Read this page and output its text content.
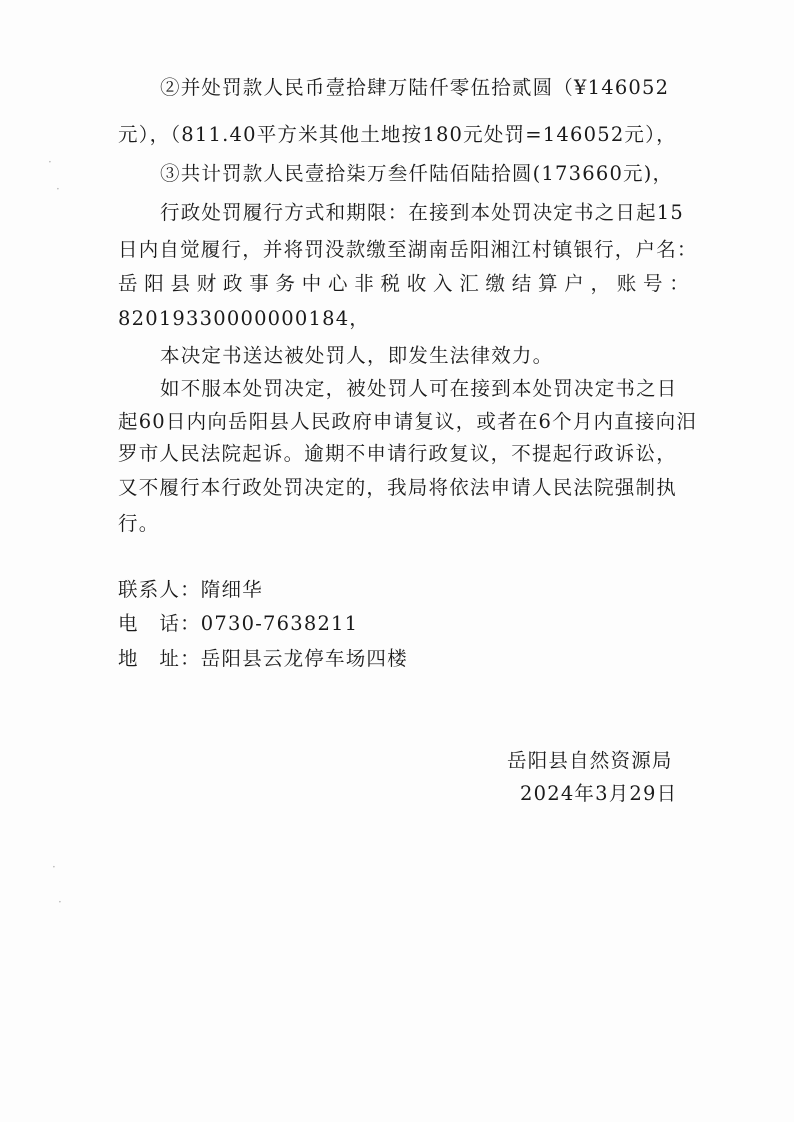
②并处罚款人民币壹拾肆万陆仟零伍拾贰圆（¥146052
元），（811.40平方米其他土地按180元处罚=146052元），
③共计罚款人民壹拾柒万叁仟陆佰陆拾圆(173660元)，
行政处罚履行方式和期限：在接到本处罚决定书之日起15
日内自觉履行，并将罚没款缴至湖南岳阳湘江村镇银行，户名：
岳阳县财政事务中心非税收入汇缴结算户，账号：
82019330000000184，
本决定书送达被处罚人，即发生法律效力。
如不服本处罚决定，被处罚人可在接到本处罚决定书之日
起60日内向岳阳县人民政府申请复议，或者在6个月内直接向汨
罗市人民法院起诉。逾期不申请行政复议，不提起行政诉讼，
又不履行本行政处罚决定的，我局将依法申请人民法院强制执
行。
联系人：隋细华
电　话：0730-7638211
地　址：岳阳县云龙停车场四楼
岳阳县自然资源局
2024年3月29日
·
·
·
·
